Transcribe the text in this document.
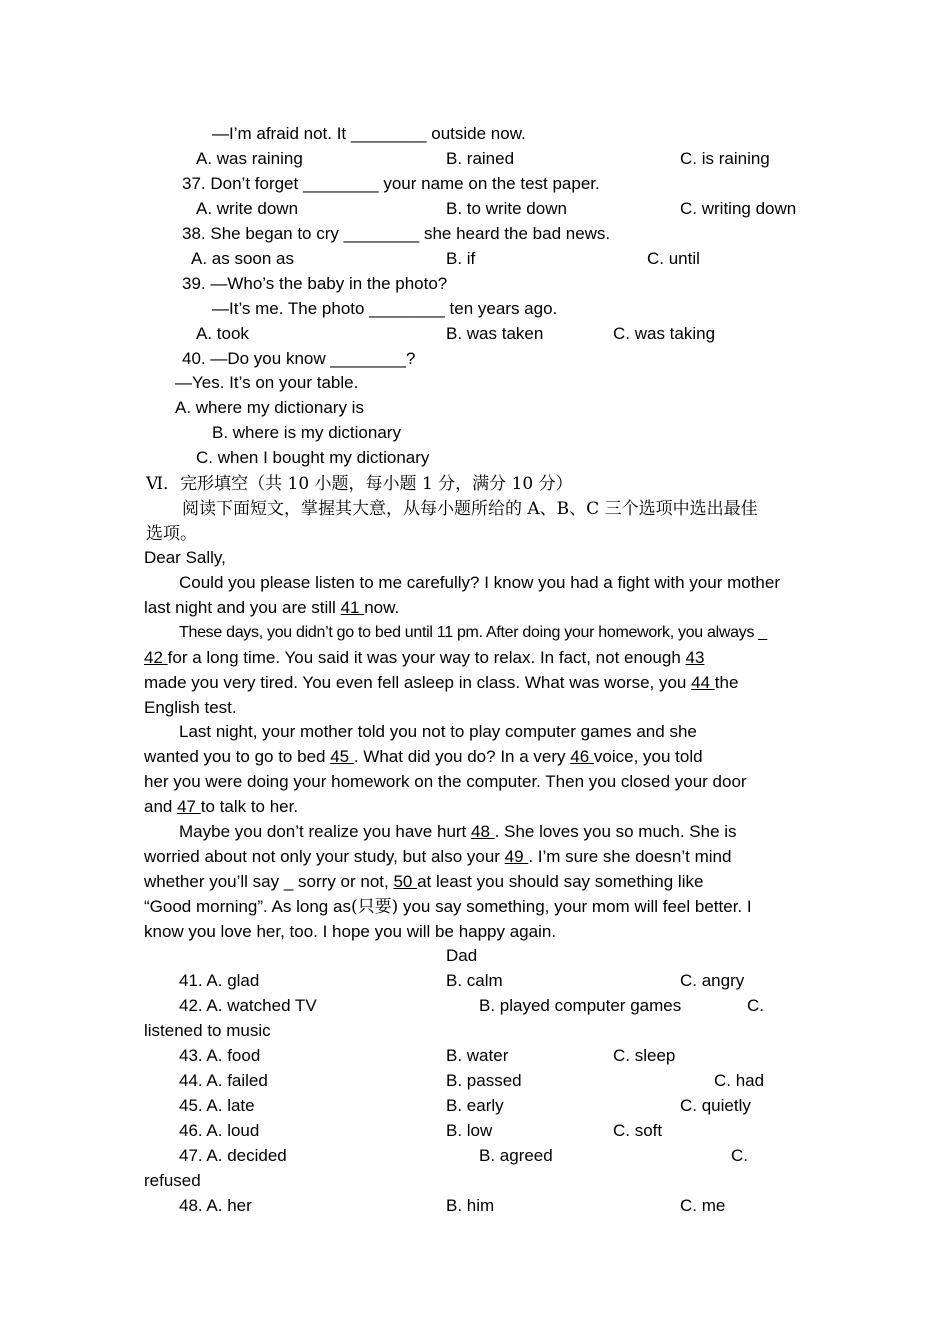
—I’m afraid not. It ________ outside now.
A. was raining	B. rained	C. is raining
37. Don’t forget ________ your name on the test paper.
A. write down	B. to write down	C. writing down
38. She began to cry ________ she heard the bad news.
A. as soon as	B. if	C. until
39. —Who’s the baby in the photo?
—It’s me. The photo ________ ten years ago.
A. took	B. was taken	C. was taking
40. —Do you know ________?
—Yes. It’s on your table.
A. where my dictionary is
B. where is my dictionary
C. when I bought my dictionary
Ⅵ．完形填空（共 10 小题，每小题 1 分，满分 10 分）
阅读下面短文，掌握其大意，从每小题所给的 A、B、C 三个选项中选出最佳
选项。
Dear Sally,
Could you please listen to me carefully? I know you had a fight with your mother
last night and you are still 41 now.
These days, you didn’t go to bed until 11 pm. After doing your homework, you always _
42 for a long time. You said it was your way to relax. In fact, not enough 43
made you very tired. You even fell asleep in class. What was worse, you 44 the
English test.
Last night, your mother told you not to play computer games and she
wanted you to go to bed 45 . What did you do? In a very 46 voice, you told
her you were doing your homework on the computer. Then you closed your door
and 47 to talk to her.
Maybe you don’t realize you have hurt 48 . She loves you so much. She is
worried about not only your study, but also your 49 . I’m sure she doesn’t mind
whether you’ll say _ sorry or not, 50 at least you should say something like
“Good morning”. As long as(只要) you say something, your mom will feel better. I
know you love her, too. I hope you will be happy again.
Dad
41. A. glad	B. calm	C. angry
42. A. watched TV	B. played computer games	C.
listened to music
43. A. food	B. water	C. sleep
44. A. failed	B. passed	C. had
45. A. late	B. early	C. quietly
46. A. loud	B. low	C. soft
47. A. decided	B. agreed	C.
refused
48. A. her	B. him	C. me
